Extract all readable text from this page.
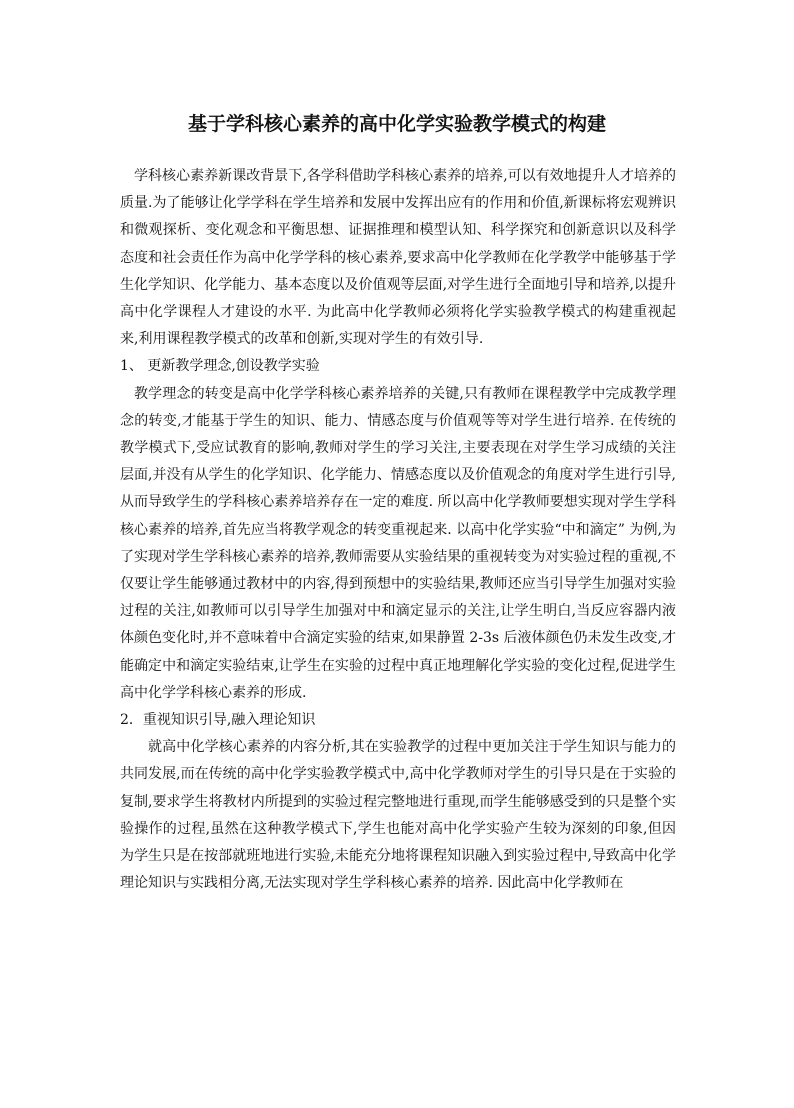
基于学科核心素养的高中化学实验教学模式的构建

学科核心素养新课改背景下,各学科借助学科核心素养的培养,可以有效地提升人才培养的质量.为了能够让化学学科在学生培养和发展中发挥出应有的作用和价值,新课标将宏观辨识和微观探析、变化观念和平衡思想、证据推理和模型认知、科学探究和创新意识以及科学态度和社会责任作为高中化学学科的核心素养,要求高中化学教师在化学教学中能够基于学生化学知识、化学能力、基本态度以及价值观等层面,对学生进行全面地引导和培养,以提升高中化学课程人才建设的水平. 为此高中化学教师必须将化学实验教学模式的构建重视起来,利用课程教学模式的改革和创新,实现对学生的有效引导.

1、 更新教学理念,创设教学实验

教学理念的转变是高中化学学科核心素养培养的关键,只有教师在课程教学中完成教学理念的转变,才能基于学生的知识、能力、情感态度与价值观等等对学生进行培养. 在传统的教学模式下,受应试教育的影响,教师对学生的学习关注,主要表现在对学生学习成绩的关注层面,并没有从学生的化学知识、化学能力、情感态度以及价值观念的角度对学生进行引导,从而导致学生的学科核心素养培养存在一定的难度. 所以高中化学教师要想实现对学生学科核心素养的培养,首先应当将教学观念的转变重视起来. 以高中化学实验“中和滴定” 为例,为了实现对学生学科核心素养的培养,教师需要从实验结果的重视转变为对实验过程的重视,不仅要让学生能够通过教材中的内容,得到预想中的实验结果,教师还应当引导学生加强对实验过程的关注,如教师可以引导学生加强对中和滴定显示的关注,让学生明白,当反应容器内液体颜色变化时,并不意味着中合滴定实验的结束,如果静置 2-3s 后液体颜色仍未发生改变,才能确定中和滴定实验结束,让学生在实验的过程中真正地理解化学实验的变化过程,促进学生高中化学学科核心素养的形成.

2．重视知识引导,融入理论知识

就高中化学核心素养的内容分析,其在实验教学的过程中更加关注于学生知识与能力的共同发展,而在传统的高中化学实验教学模式中,高中化学教师对学生的引导只是在于实验的复制,要求学生将教材内所提到的实验过程完整地进行重现,而学生能够感受到的只是整个实验操作的过程,虽然在这种教学模式下,学生也能对高中化学实验产生较为深刻的印象,但因为学生只是在按部就班地进行实验,未能充分地将课程知识融入到实验过程中,导致高中化学理论知识与实践相分离,无法实现对学生学科核心素养的培养. 因此高中化学教师在
